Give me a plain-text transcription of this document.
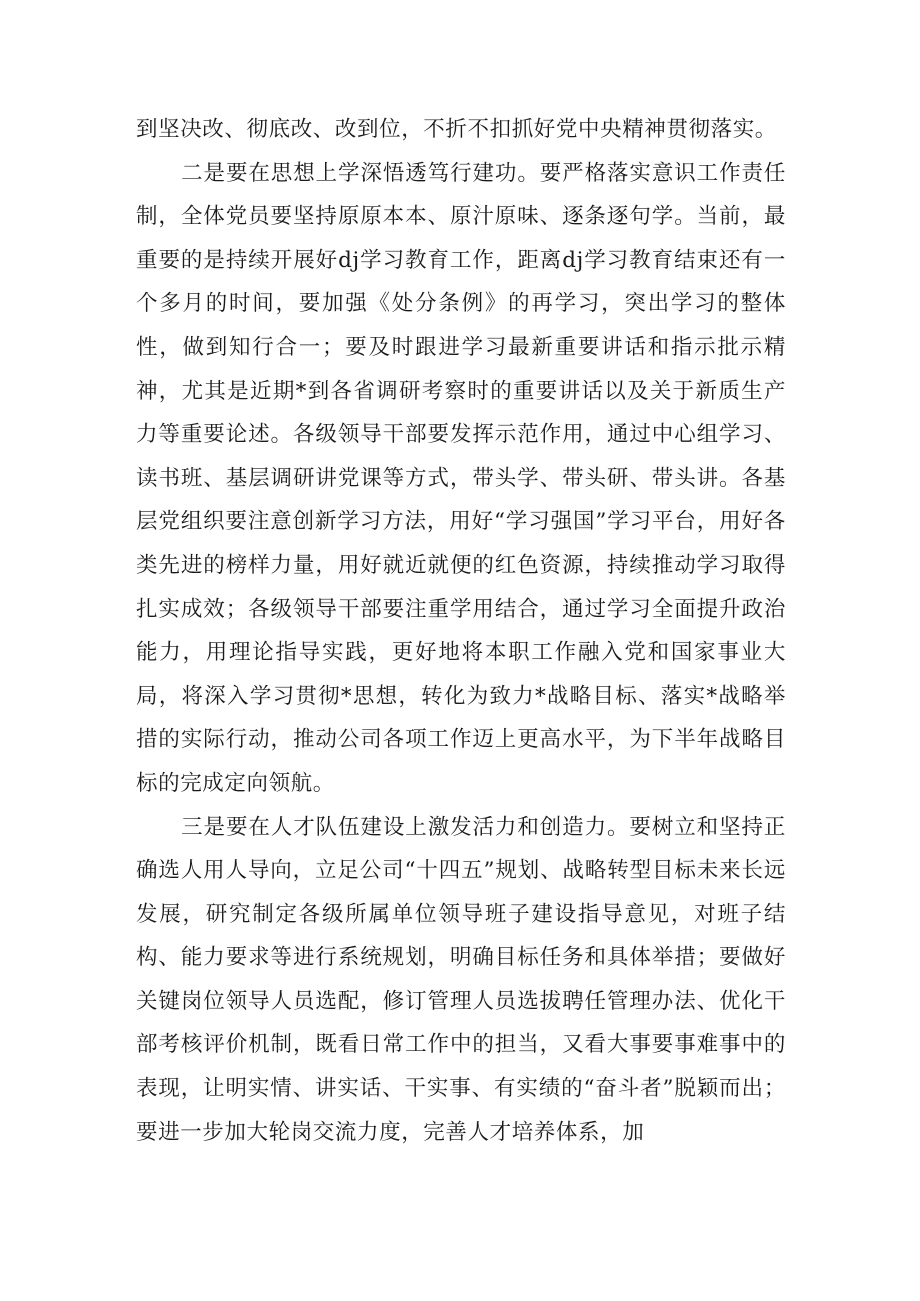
到坚决改、彻底改、改到位，不折不扣抓好党中央精神贯彻落实。

二是要在思想上学深悟透笃行建功。要严格落实意识工作责任制，全体党员要坚持原原本本、原汁原味、逐条逐句学。当前，最重要的是持续开展好dj学习教育工作，距离dj学习教育结束还有一个多月的时间，要加强《处分条例》的再学习，突出学习的整体性，做到知行合一；要及时跟进学习最新重要讲话和指示批示精神，尤其是近期*到各省调研考察时的重要讲话以及关于新质生产力等重要论述。各级领导干部要发挥示范作用，通过中心组学习、读书班、基层调研讲党课等方式，带头学、带头研、带头讲。各基层党组织要注意创新学习方法，用好“学习强国”学习平台，用好各类先进的榜样力量，用好就近就便的红色资源，持续推动学习取得扎实成效；各级领导干部要注重学用结合，通过学习全面提升政治能力，用理论指导实践，更好地将本职工作融入党和国家事业大局，将深入学习贯彻*思想，转化为致力*战略目标、落实*战略举措的实际行动，推动公司各项工作迈上更高水平，为下半年战略目标的完成定向领航。

三是要在人才队伍建设上激发活力和创造力。要树立和坚持正确选人用人导向，立足公司“十四五”规划、战略转型目标未来长远发展，研究制定各级所属单位领导班子建设指导意见，对班子结构、能力要求等进行系统规划，明确目标任务和具体举措；要做好关键岗位领导人员选配，修订管理人员选拔聘任管理办法、优化干部考核评价机制，既看日常工作中的担当，又看大事要事难事中的表现，让明实情、讲实话、干实事、有实绩的“奋斗者”脱颖而出；要进一步加大轮岗交流力度，完善人才培养体系，加
